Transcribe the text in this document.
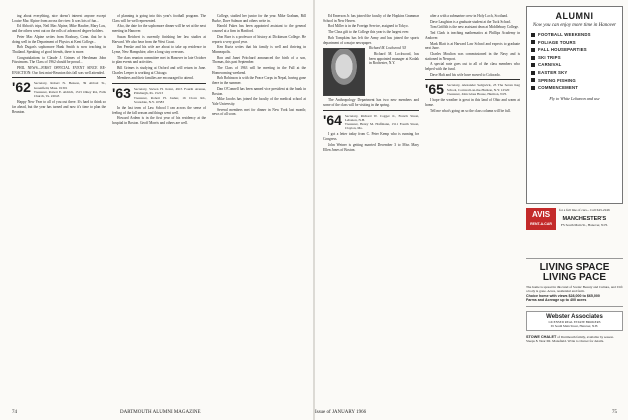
ing about everything, nice doesn't interest anyone except Louise Mac Alpine from across the river. It was lots of fun...

Ed Abbott's trips, Neil Mac Alpine, Mike Haufter, Mary Lou, and the others went out on the rolls of advanced degree holders.

Peter Mac Alpine writes from Roxbury, Conn. that he is doing well in the Department of Physics at Kent College...

Bob Dugan's sophomore Hank Smith is now teaching in Thailand. Speaking of good friends, there is more.

Congratulations to Claude J. Grimes of Hershman John Fitzsimons. The Class of 1962 should be proud...

PHIL NEWS—FIRST OFFICIAL EVENT SINCE RE-ENACTION: Our first mini-Reunion this fall was well attended.

'62 Secretary, Robert N. Benson, 39 Abbott St., Greenfield, Mass. 01301
Treasurer, Robert E. Aldrich, 1515 Olney Rd., Falls Church, Va. 22043

Happy New Year to all of you out there. It's hard to think so far ahead, but the year has turned and now it's time to plan the Reunion.

of planning is going into this year's football program. The Class will be well represented.

Also, the date for the sophomore dinner will be set at the next meeting in Hanover.

Susan Reichert is currently finishing her law studies at Harvard. We also hear from the West Coast.

Jim Fenske and his wife are about to take up residence in Lyme, New Hampshire, after a long stay overseas.

The class reunion committee met in Hanover in late October to plan events and activities.

Bill Grimes is studying at Oxford and will return in June. Charles Leeper is working at Chicago.

Members and their families are encouraged to attend.

'63 Secretary, Steven H. Kolar, 4915 Fourth Avenue, Pittsburgh, Pa. 15213
Treasurer, Robert H. Jasher, 16 Clove Rd., Scarsdale, N.Y. 10583

In the last term of Law School I ran across the sense of feeling of the fall season and things went well.

Howard Ardem is in the first year of his residency at the hospital in Boston. Geoff Morris and others are well.

College, studied her junior for the year. Mike Graham, Bill Burke, Dave Salmon and others write in.

Harold Fakes has been appointed assistant to the general counsel at a firm in Hartford.

Don Burr is a professor of history at Dickinson College. He reports a very good year.

Ken Kurtz writes that his family is well and thriving in Minneapolis.

Ron and Janet Pritchard announced the birth of a son, Thomas, this past September.

The Class of 1963 will be meeting in the Fall at the Homecoming weekend.

Bob Robinson is with the Peace Corps in Nepal, having gone there in the summer.

Dan O'Connell has been named vice president at the bank in Boston.

Mike Jacobs has joined the faculty of the medical school at Yale University.

Several members met for dinner in New York last month; news of all soon.

74	DARTMOUTH ALUMNI MAGAZINE

Ed Emerson Jr. has joined the faculty of the Hopkins Grammar School in New Haven.

Rod Miller is in the Foreign Service, assigned to Tokyo.

The Class gift to the College this year is the largest ever.

Bob Tompkins has left the Army and has joined the sports department of a major newspaper.

Richard M. Lockwood '63

Richard M. Lockwood, has been appointed manager at Kodak in Rochester, N.Y.

The Anthropology Department has two new members and some of the class will be visiting in the spring.

'64 Secretary, Richard W. Cogger Jr., French Street, Lebanon, N.H.
Treasurer, Henry M. Hoffmann, 1511 Fourth Street, Clayton, Mo.

I got a letter today from C. Peter Kemp who is running for Congress.

John Weiner is getting married December 3 to Miss Mary Ellen Jones of Boston.

after a with a submarine crew in Holy Loch, Scotland.

Dave Laughton is a graduate student at the Tuck School.

Tom Griffith is the new assistant dean at Middlebury College.

Ted Clark is teaching mathematics at Phillips Academy in Andover.

Mark Blatt is at Harvard Law School and expects to graduate next June.

Charles Moulton was commissioned in the Navy and is stationed in Newport.

A special note goes out to all of the class members who helped with the fund.

Dave Haft and his wife have moved to Colorado.

'65 Secretary, Alexander Sedgwick, 23 The Seven Keg School, Cornwall-on-the-Hudson, N.Y. 12520
Treasurer, John Glass House, Harmon, N.H.

I hope the weather is great in this land of Ohio and warm at home.

Tell me what's going on so the class column will be full.

ALUMNI
Now you can enjoy more time in Hanover
FOOTBALL WEEKENDS
FOLIAGE TOURS
FALL HOUSEPARTIES
SKI TRIPS
CARNIVAL
EASTER SKY
SPRING FISHING
COMMENCEMENT
Fly to White Lebanon and use
AVIS
RENT-A-CAR
for a full line of cars... Call 643-2246
MANCHESTER'S
FS South Main St., Hanover, N.H.
LIVING SPACE
LIVING PACE
The home is spread in this land of Scenic Beauty and Culture, and I lift a body is gone. Acres, residential and farm.
Choice home with views $28,000 to $65,000
Farms and Acreage up to 400 acres
Webster Associates
LICENSED REAL ESTATE BROKERS
65 South Main Street, Hanover, N.H.
STOWE CHALET of Dartmouth family, available by season. Sleeps 8. Near Mt. Mansfield. Write to Owner for details.
Issue of JANUARY 1966	75
